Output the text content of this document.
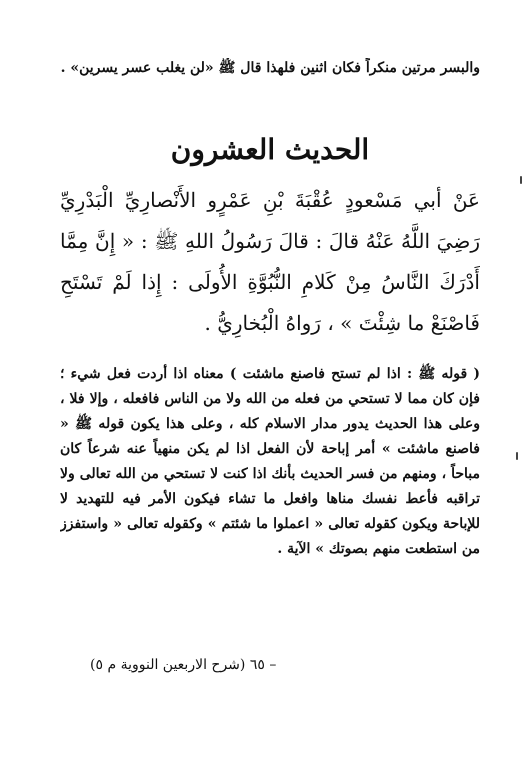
والبسر مرتين منكراً فكان اثنين فلهذا قال ﷺ «لن يغلب عسر يسرين» .
الحديث العشرون
عَنْ أبي مَسْعودٍ عُقْبَةَ بْنِ عَمْرٍو الأَنْصارِيِّ الْبَدْرِيِّ رَضِيَ اللَّهُ عَنْهُ قالَ : قالَ رَسُولُ اللهِ ﷺ : « إِنَّ مِمَّا أَدْرَكَ النَّاسُ مِنْ كَلامِ النُّبُوَّةِ الأُولَى : إِذا لَمْ تَسْتَحِ فَاصْنَعْ ما شِئْتَ » ، رَواهُ الْبُخارِيُّ .
( قوله ﷺ : اذا لم تستح فاصنع ماشئت ) معناه اذا أردت فعل شيء ؛ فإن كان مما لا تستحي من فعله من الله ولا من الناس فافعله ، وإلا فلا ، وعلى هذا الحديث يدور مدار الاسلام كله ، وعلى هذا يكون قوله ﷺ « فاصنع ماشئت » أمر إباحة لأن الفعل اذا لم يكن منهياً عنه شرعاً كان مباحاً ، ومنهم من فسر الحديث بأنك اذا كنت لا تستحي من الله تعالى ولا تراقبه فأعط نفسك مناها وافعل ما تشاء فيكون الأمر فيه للتهديد لا للإباحة ويكون كقوله تعالى « اعملوا ما شئتم » وكقوله تعالى « واستفزز من استطعت منهم بصوتك » الآية .
– ٦٥ (شرح الاربعين النووية م ٥)
